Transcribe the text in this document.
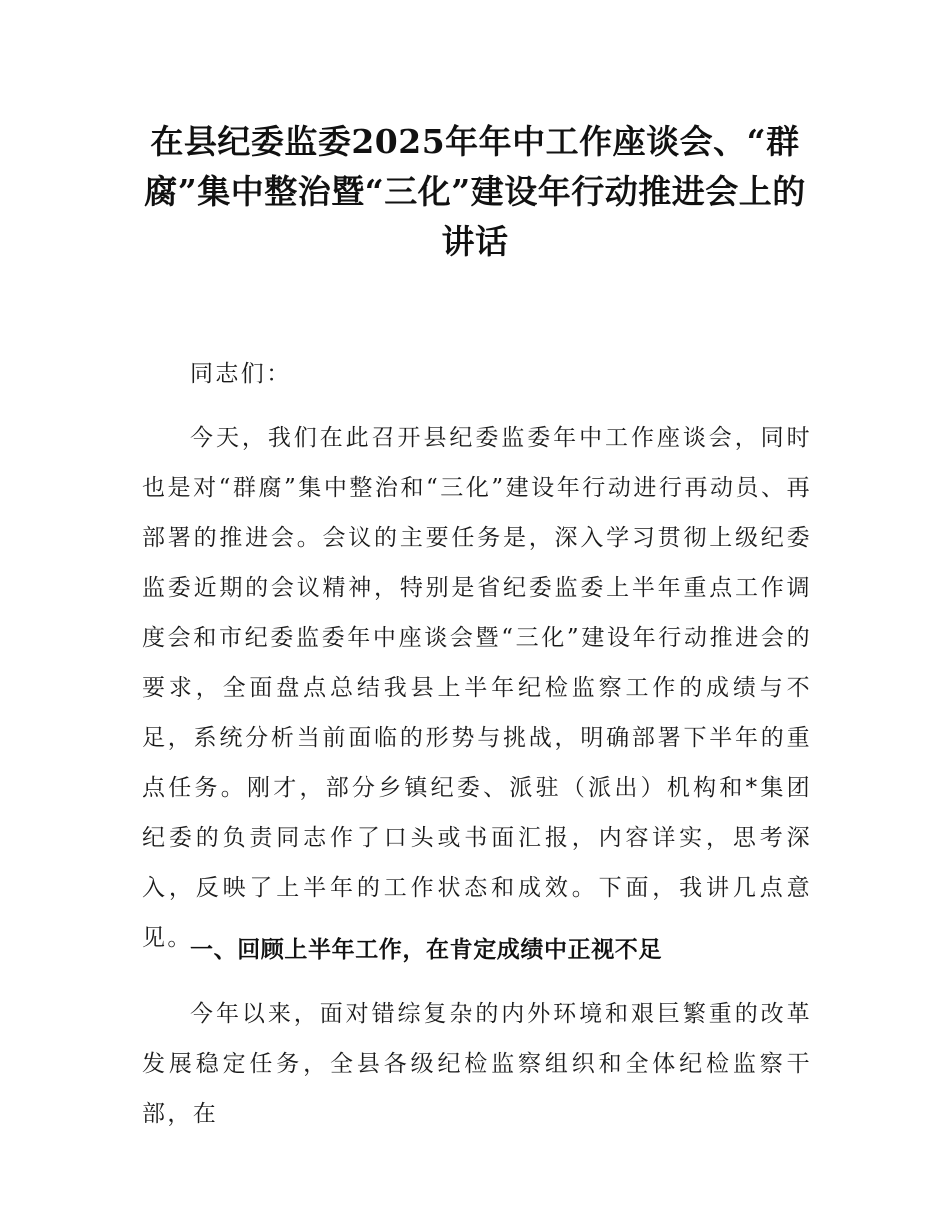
在县纪委监委2025年年中工作座谈会、“群腐”集中整治暨“三化”建设年行动推进会上的讲话

同志们：

今天，我们在此召开县纪委监委年中工作座谈会，同时也是对“群腐”集中整治和“三化”建设年行动进行再动员、再部署的推进会。会议的主要任务是，深入学习贯彻上级纪委监委近期的会议精神，特别是省纪委监委上半年重点工作调度会和市纪委监委年中座谈会暨“三化”建设年行动推进会的要求，全面盘点总结我县上半年纪检监察工作的成绩与不足，系统分析当前面临的形势与挑战，明确部署下半年的重点任务。刚才，部分乡镇纪委、派驻（派出）机构和*集团纪委的负责同志作了口头或书面汇报，内容详实，思考深入，反映了上半年的工作状态和成效。下面，我讲几点意见。

一、回顾上半年工作，在肯定成绩中正视不足

今年以来，面对错综复杂的内外环境和艰巨繁重的改革发展稳定任务，全县各级纪检监察组织和全体纪检监察干部，在
